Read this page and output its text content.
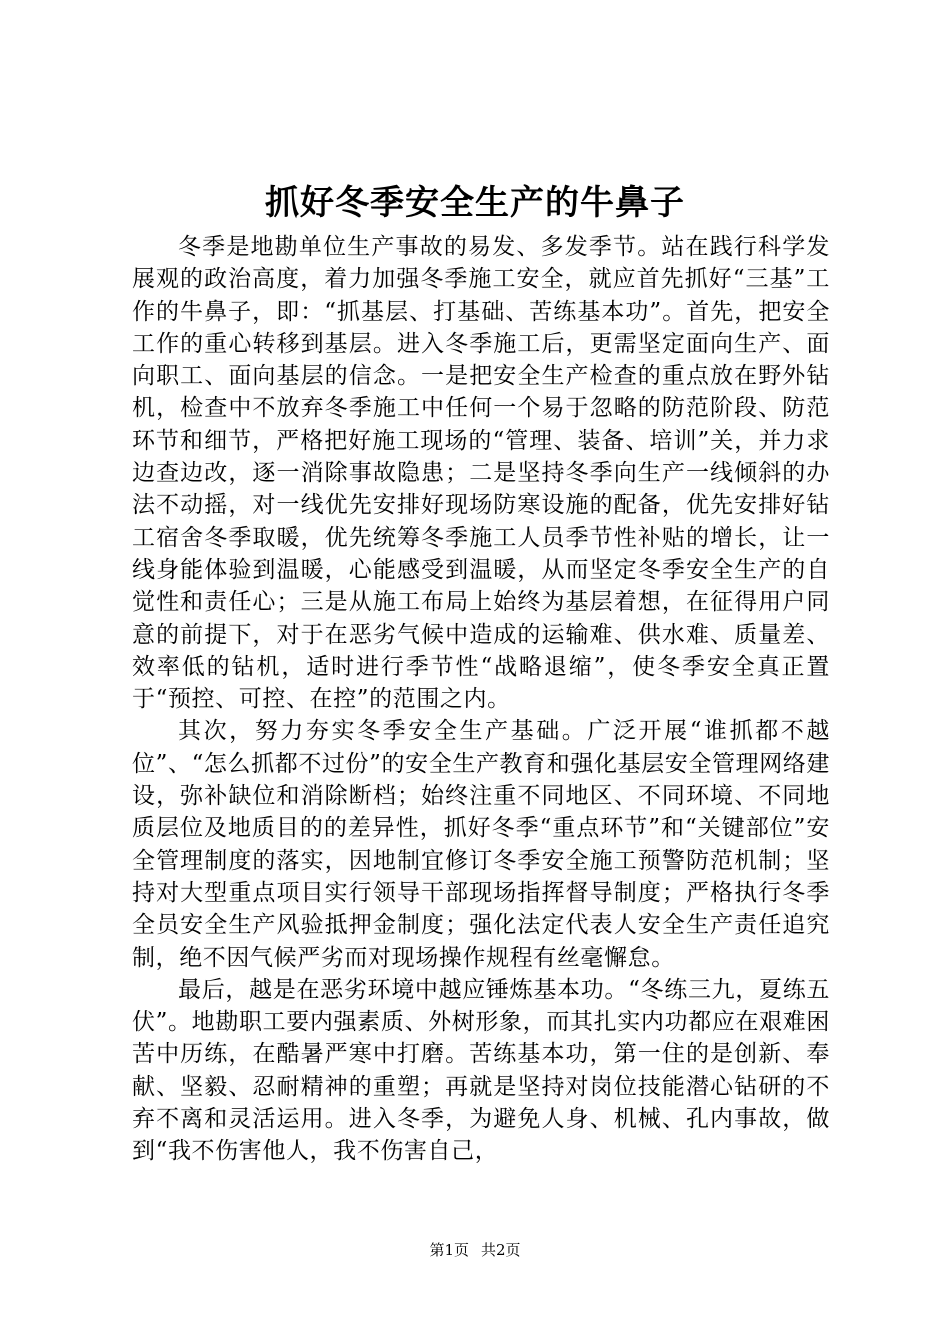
抓好冬季安全生产的牛鼻子

冬季是地勘单位生产事故的易发、多发季节。站在践行科学发展观的政治高度，着力加强冬季施工安全，就应首先抓好“三基”工作的牛鼻子，即：“抓基层、打基础、苦练基本功”。首先，把安全工作的重心转移到基层。进入冬季施工后，更需坚定面向生产、面向职工、面向基层的信念。一是把安全生产检查的重点放在野外钻机，检查中不放弃冬季施工中任何一个易于忽略的防范阶段、防范环节和细节，严格把好施工现场的“管理、装备、培训”关，并力求边查边改，逐一消除事故隐患；二是坚持冬季向生产一线倾斜的办法不动摇，对一线优先安排好现场防寒设施的配备，优先安排好钻工宿舍冬季取暖，优先统筹冬季施工人员季节性补贴的增长，让一线身能体验到温暖，心能感受到温暖，从而坚定冬季安全生产的自觉性和责任心；三是从施工布局上始终为基层着想，在征得用户同意的前提下，对于在恶劣气候中造成的运输难、供水难、质量差、效率低的钻机，适时进行季节性“战略退缩”，使冬季安全真正置于“预控、可控、在控”的范围之内。

其次，努力夯实冬季安全生产基础。广泛开展“谁抓都不越位”、“怎么抓都不过份”的安全生产教育和强化基层安全管理网络建设，弥补缺位和消除断档；始终注重不同地区、不同环境、不同地质层位及地质目的的差异性，抓好冬季“重点环节”和“关键部位”安全管理制度的落实，因地制宜修订冬季安全施工预警防范机制；坚持对大型重点项目实行领导干部现场指挥督导制度；严格执行冬季全员安全生产风验抵押金制度；强化法定代表人安全生产责任追究制，绝不因气候严劣而对现场操作规程有丝毫懈怠。

最后，越是在恶劣环境中越应锤炼基本功。“冬练三九，夏练五伏”。地勘职工要内强素质、外树形象，而其扎实内功都应在艰难困苦中历练，在酷暑严寒中打磨。苦练基本功，第一住的是创新、奉献、坚毅、忍耐精神的重塑；再就是坚持对岗位技能潜心钻研的不弃不离和灵活运用。进入冬季，为避免人身、机械、孔内事故，做到“我不伤害他人，我不伤害自己，

第1页 共2页
